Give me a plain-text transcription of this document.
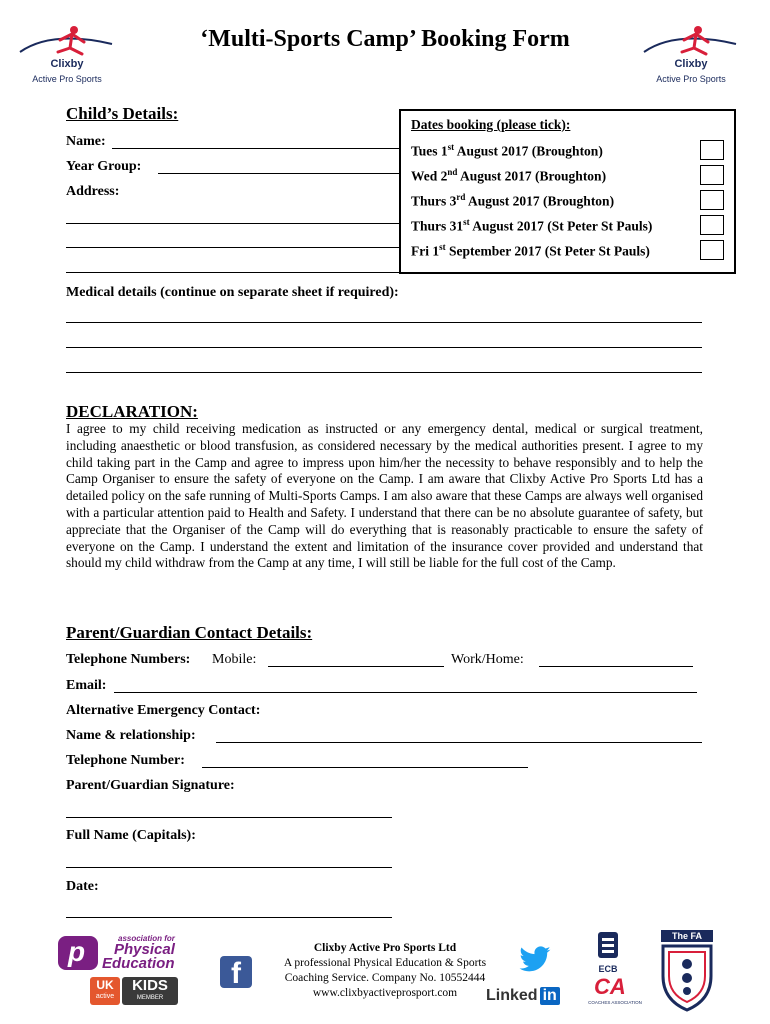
Clixby
Active Pro Sports
Clixby
Active Pro Sports
‘Multi-Sports Camp’ Booking Form
Child’s Details:
Name:
Year Group:
Address:
Dates booking (please tick):
Tues 1st August 2017 (Broughton)
Wed 2nd August 2017 (Broughton)
Thurs 3rd August 2017 (Broughton)
Thurs 31st August 2017 (St Peter St Pauls)
Fri 1st September 2017 (St Peter St Pauls)
Medical details (continue on separate sheet if required):
DECLARATION:
I agree to my child receiving medication as instructed or any emergency dental, medical or surgical treatment, including anaesthetic or blood transfusion, as considered necessary by the medical authorities present. I agree to my child taking part in the Camp and agree to impress upon him/her the necessity to behave responsibly and to help the Camp Organiser to ensure the safety of everyone on the Camp. I am aware that Clixby Active Pro Sports Ltd has a detailed policy on the safe running of Multi-Sports Camps. I am also aware that these Camps are always well organised with a particular attention paid to Health and Safety. I understand that there can be no absolute guarantee of safety, but appreciate that the Organiser of the Camp will do everything that is reasonably practicable to ensure the safety of everyone on the Camp. I understand the extent and limitation of the insurance cover provided and understand that should my child withdraw from the Camp at any time, I will still be liable for the full cost of the Camp.
Parent/Guardian Contact Details:
Telephone Numbers: Mobile:	Work/Home:
Email:
Alternative Emergency Contact:
Name & relationship:
Telephone Number:
Parent/Guardian Signature:
Full Name (Capitals):
Date:
p	association for
Physical
Education
UK
active
KIDS
MEMBER
f
Clixby Active Pro Sports Ltd
A professional Physical Education & Sports
Coaching Service. Company No. 10552444
www.clixbyactiveprosport.com	Linked in
ECB
CA
COACHES ASSOCIATION
The FA
